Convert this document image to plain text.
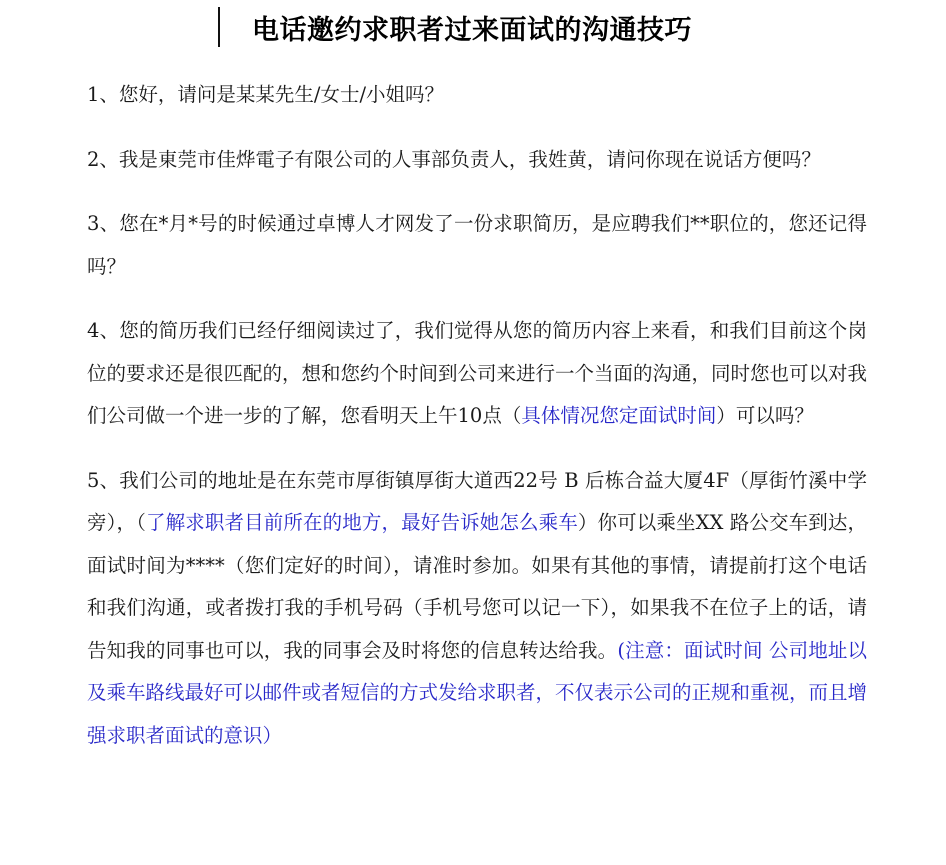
电话邀约求职者过来面试的沟通技巧

1、您好，请问是某某先生/女士/小姐吗？

2、我是東莞市佳烨電子有限公司的人事部负责人，我姓黄，请问你现在说话方便吗？

3、您在*月*号的时候通过卓博人才网发了一份求职简历，是应聘我们**职位的，您还记得吗？

4、您的简历我们已经仔细阅读过了，我们觉得从您的简历内容上来看，和我们目前这个岗位的要求还是很匹配的，想和您约个时间到公司来进行一个当面的沟通，同时您也可以对我们公司做一个进一步的了解，您看明天上午10点（具体情况您定面试时间）可以吗？

5、我们公司的地址是在东莞市厚街镇厚街大道西22号 B 后栋合益大厦4F（厚街竹溪中学旁），（了解求职者目前所在的地方，最好告诉她怎么乘车）你可以乘坐XX 路公交车到达，面试时间为****（您们定好的时间），请准时参加。如果有其他的事情，请提前打这个电话和我们沟通，或者拨打我的手机号码（手机号您可以记一下），如果我不在位子上的话，请告知我的同事也可以，我的同事会及时将您的信息转达给我。(注意：面试时间 公司地址以及乘车路线最好可以邮件或者短信的方式发给求职者，不仅表示公司的正规和重视，而且增强求职者面试的意识）
